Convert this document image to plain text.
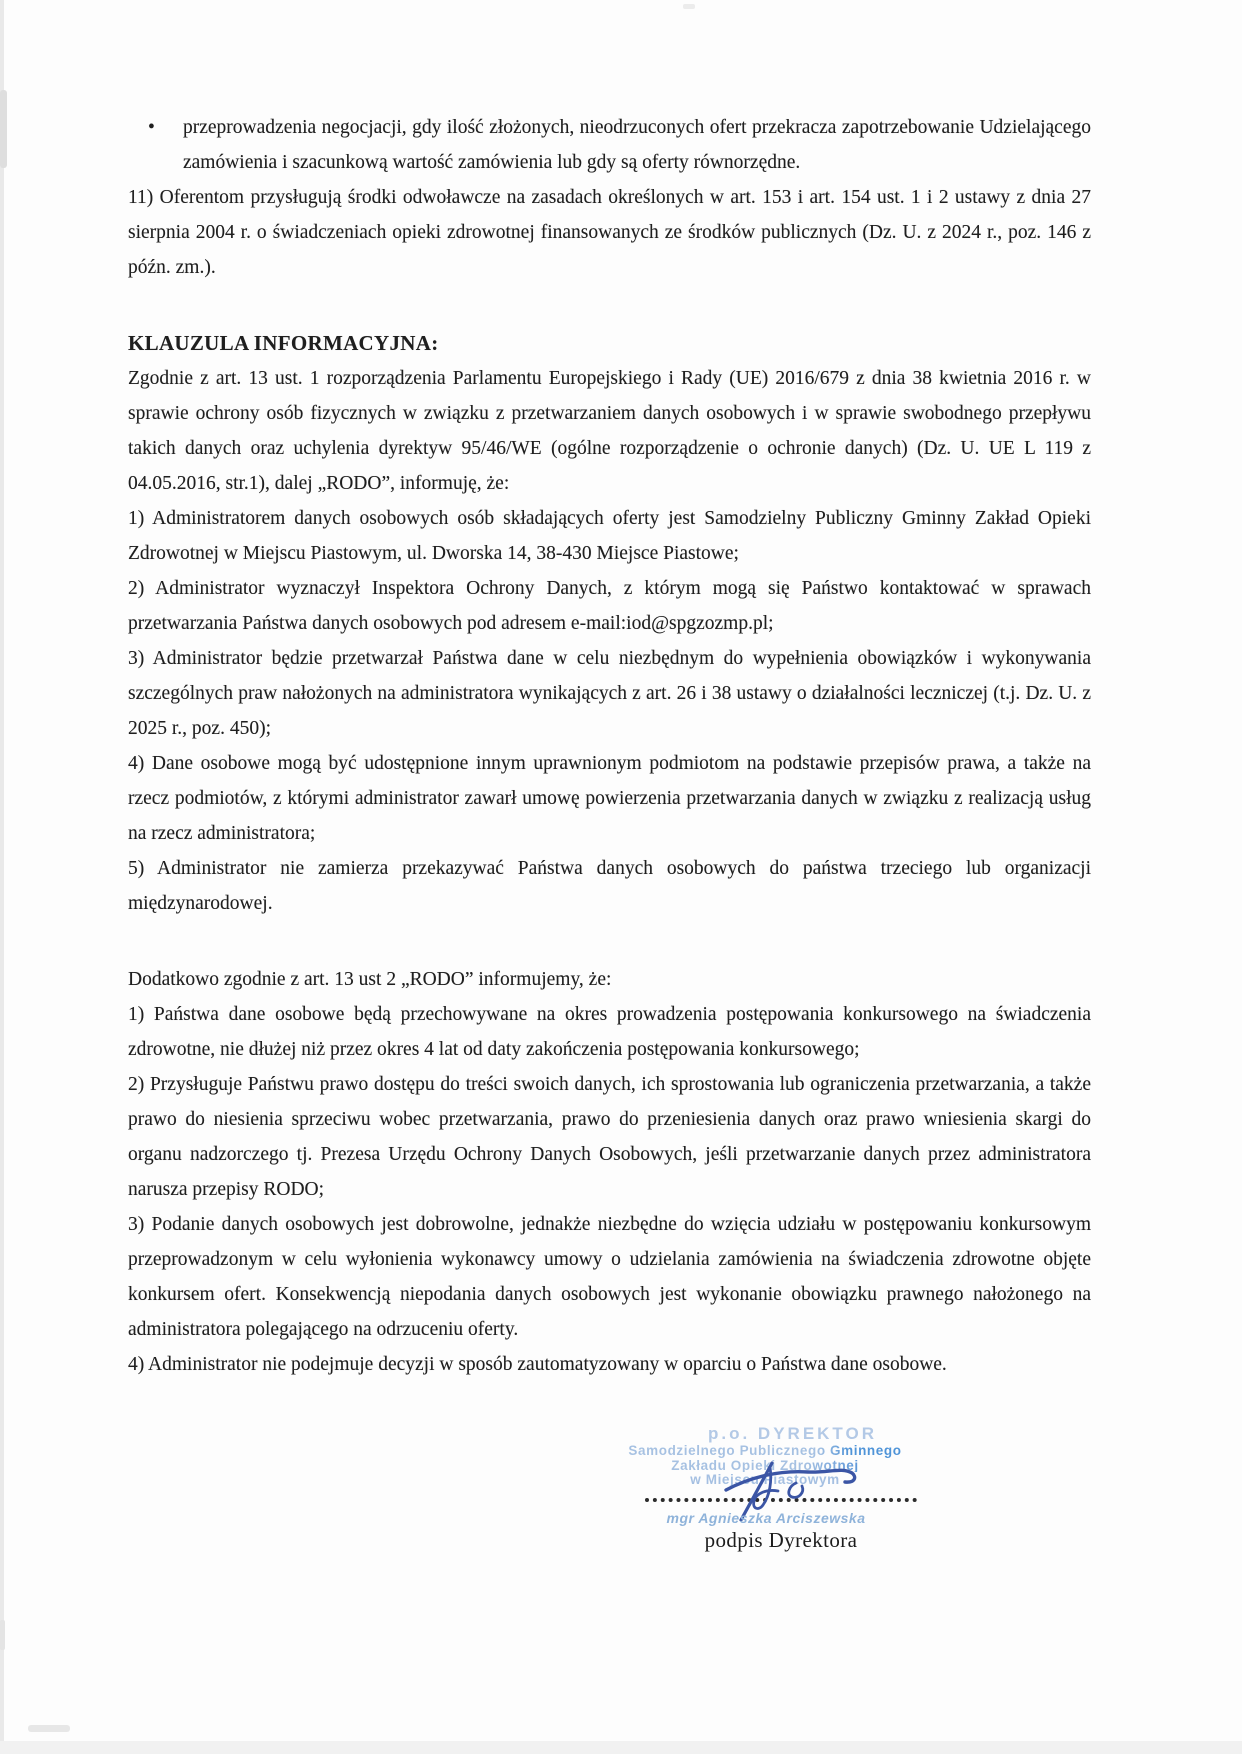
• przeprowadzenia negocjacji, gdy ilość złożonych, nieodrzuconych ofert przekracza zapotrzebowanie Udzielającego zamówienia i szacunkową wartość zamówienia lub gdy są oferty równorzędne.

11) Oferentom przysługują środki odwoławcze na zasadach określonych w art. 153 i art. 154 ust. 1 i 2 ustawy z dnia 27 sierpnia 2004 r. o świadczeniach opieki zdrowotnej finansowanych ze środków publicznych (Dz. U. z 2024 r., poz. 146 z późn. zm.).

KLAUZULA INFORMACYJNA:

Zgodnie z art. 13 ust. 1 rozporządzenia Parlamentu Europejskiego i Rady (UE) 2016/679 z dnia 38 kwietnia 2016 r. w sprawie ochrony osób fizycznych w związku z przetwarzaniem danych osobowych i w sprawie swobodnego przepływu takich danych oraz uchylenia dyrektyw 95/46/WE (ogólne rozporządzenie o ochronie danych) (Dz. U. UE L 119 z 04.05.2016, str.1), dalej „RODO”, informuję, że:

1) Administratorem danych osobowych osób składających oferty jest Samodzielny Publiczny Gminny Zakład Opieki Zdrowotnej w Miejscu Piastowym, ul. Dworska 14, 38-430 Miejsce Piastowe;

2) Administrator wyznaczył Inspektora Ochrony Danych, z którym mogą się Państwo kontaktować w sprawach przetwarzania Państwa danych osobowych pod adresem e-mail:iod@spgzozmp.pl;

3) Administrator będzie przetwarzał Państwa dane w celu niezbędnym do wypełnienia obowiązków i wykonywania szczególnych praw nałożonych na administratora wynikających z art. 26 i 38 ustawy o działalności leczniczej (t.j. Dz. U. z 2025 r., poz. 450);

4) Dane osobowe mogą być udostępnione innym uprawnionym podmiotom na podstawie przepisów prawa, a także na rzecz podmiotów, z którymi administrator zawarł umowę powierzenia przetwarzania danych w związku z realizacją usług na rzecz administratora;

5) Administrator nie zamierza przekazywać Państwa danych osobowych do państwa trzeciego lub organizacji międzynarodowej.

Dodatkowo zgodnie z art. 13 ust 2 „RODO” informujemy, że:

1) Państwa dane osobowe będą przechowywane na okres prowadzenia postępowania konkursowego na świadczenia zdrowotne, nie dłużej niż przez okres 4 lat od daty zakończenia postępowania konkursowego;

2) Przysługuje Państwu prawo dostępu do treści swoich danych, ich sprostowania lub ograniczenia przetwarzania, a także prawo do niesienia sprzeciwu wobec przetwarzania, prawo do przeniesienia danych oraz prawo wniesienia skargi do organu nadzorczego tj. Prezesa Urzędu Ochrony Danych Osobowych, jeśli przetwarzanie danych przez administratora narusza przepisy RODO;

3) Podanie danych osobowych jest dobrowolne, jednakże niezbędne do wzięcia udziału w postępowaniu konkursowym przeprowadzonym w celu wyłonienia wykonawcy umowy o udzielania zamówienia na świadczenia zdrowotne objęte konkursem ofert. Konsekwencją niepodania danych osobowych jest wykonanie obowiązku prawnego nałożonego na administratora polegającego na odrzuceniu oferty.

4) Administrator nie podejmuje decyzji w sposób zautomatyzowany w oparciu o Państwa dane osobowe.

p.o. DYREKTOR
Samodzielnego Publicznego Gminnego
Zakładu Opieki Zdrowotnej
w Miejscu Piastowym
mgr Agnieszka Arciszewska
podpis Dyrektora
